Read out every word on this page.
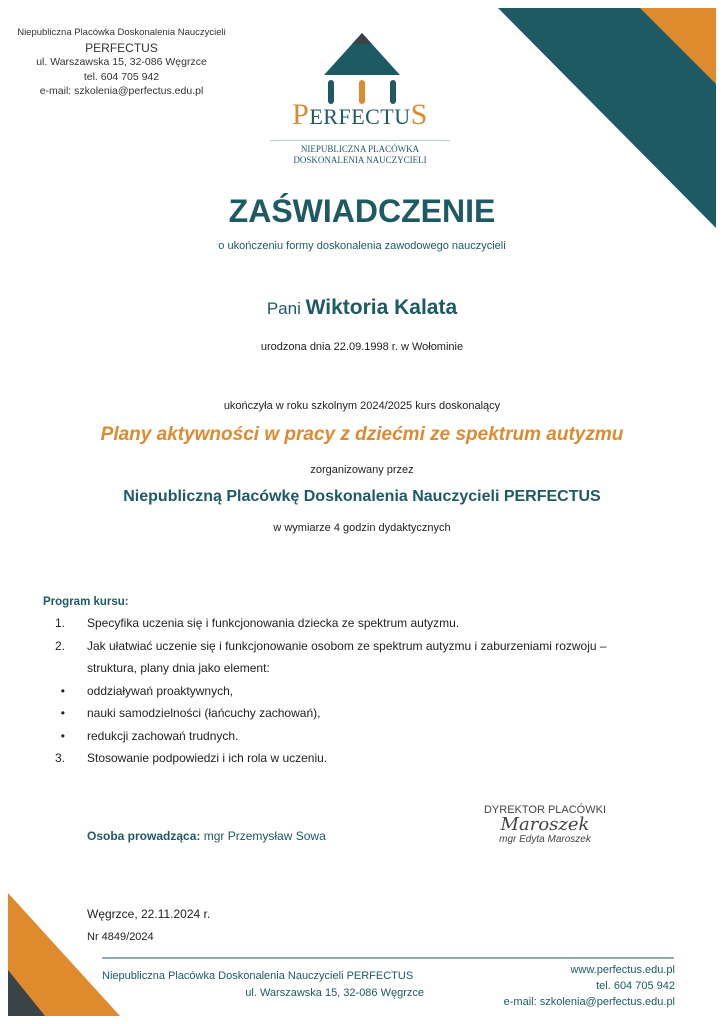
Niepubliczna Placówka Doskonalenia Nauczycieli
PERFECTUS
ul. Warszawska 15, 32-086 Węgrzce
tel. 604 705 942
e-mail: szkolenia@perfectus.edu.pl
PERFECTUS
NIEPUBLICZNA PLACÓWKA
DOSKONALENIA NAUCZYCIELI
ZAŚWIADCZENIE
o ukończeniu formy doskonalenia zawodowego nauczycieli
Pani Wiktoria Kalata
urodzona dnia 22.09.1998 r. w Wołominie
ukończyła w roku szkolnym 2024/2025 kurs doskonalący
Plany aktywności w pracy z dziećmi ze spektrum autyzmu
zorganizowany przez
Niepubliczną Placówkę Doskonalenia Nauczycieli PERFECTUS
w wymiarze 4 godzin dydaktycznych
Program kursu:
1.	Specyfika uczenia się i funkcjonowania dziecka ze spektrum autyzmu.
2.	Jak ułatwiać uczenie się i funkcjonowanie osobom ze spektrum autyzmu i zaburzeniami rozwoju –
struktura, plany dnia jako element:
•	oddziaływań proaktywnych,
•	nauki samodzielności (łańcuchy zachowań),
•	redukcji zachowań trudnych.
3.	Stosowanie podpowiedzi i ich rola w uczeniu.
Osoba prowadząca: mgr Przemysław Sowa
DYREKTOR PLACÓWKI
Maroszek
mgr Edyta Maroszek
Węgrzce, 22.11.2024 r.
Nr 4849/2024
Niepubliczna Placówka Doskonalenia Nauczycieli PERFECTUS
ul. Warszawska 15, 32-086 Węgrzce
www.perfectus.edu.pl
tel. 604 705 942
e-mail: szkolenia@perfectus.edu.pl
